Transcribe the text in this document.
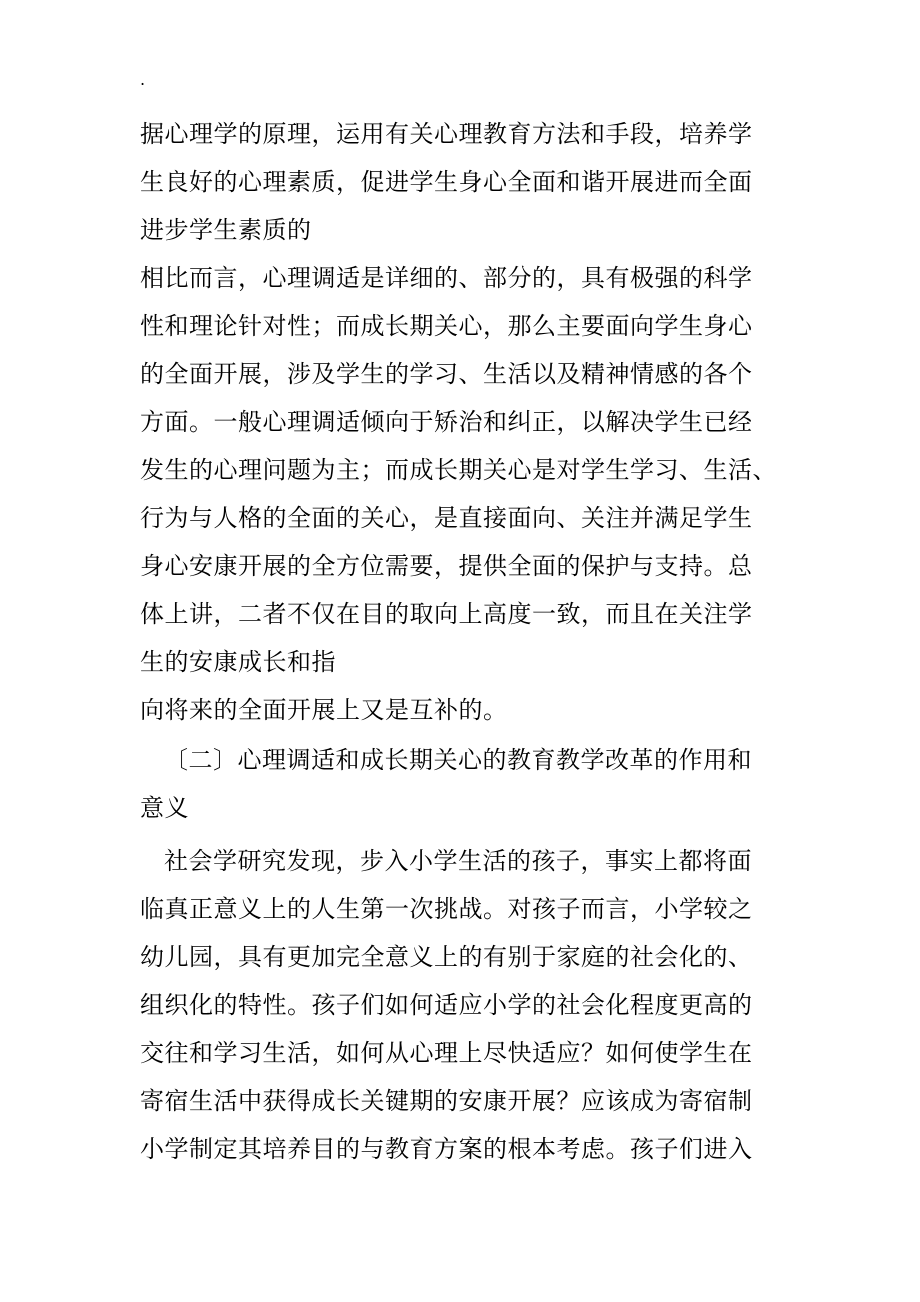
.
据心理学的原理，运用有关心理教育方法和手段，培养学
生良好的心理素质，促进学生身心全面和谐开展进而全面
进步学生素质的
相比而言，心理调适是详细的、部分的，具有极强的科学
性和理论针对性；而成长期关心，那么主要面向学生身心
的全面开展，涉及学生的学习、生活以及精神情感的各个
方面。一般心理调适倾向于矫治和纠正，以解决学生已经
发生的心理问题为主；而成长期关心是对学生学习、生活、
行为与人格的全面的关心，是直接面向、关注并满足学生
身心安康开展的全方位需要，提供全面的保护与支持。总
体上讲，二者不仅在目的取向上高度一致，而且在关注学
生的安康成长和指
向将来的全面开展上又是互补的。
〔二〕心理调适和成长期关心的教育教学改革的作用和
意义
社会学研究发现，步入小学生活的孩子，事实上都将面
临真正意义上的人生第一次挑战。对孩子而言，小学较之
幼儿园，具有更加完全意义上的有别于家庭的社会化的、
组织化的特性。孩子们如何适应小学的社会化程度更高的
交往和学习生活，如何从心理上尽快适应？如何使学生在
寄宿生活中获得成长关键期的安康开展？应该成为寄宿制
小学制定其培养目的与教育方案的根本考虑。孩子们进入
